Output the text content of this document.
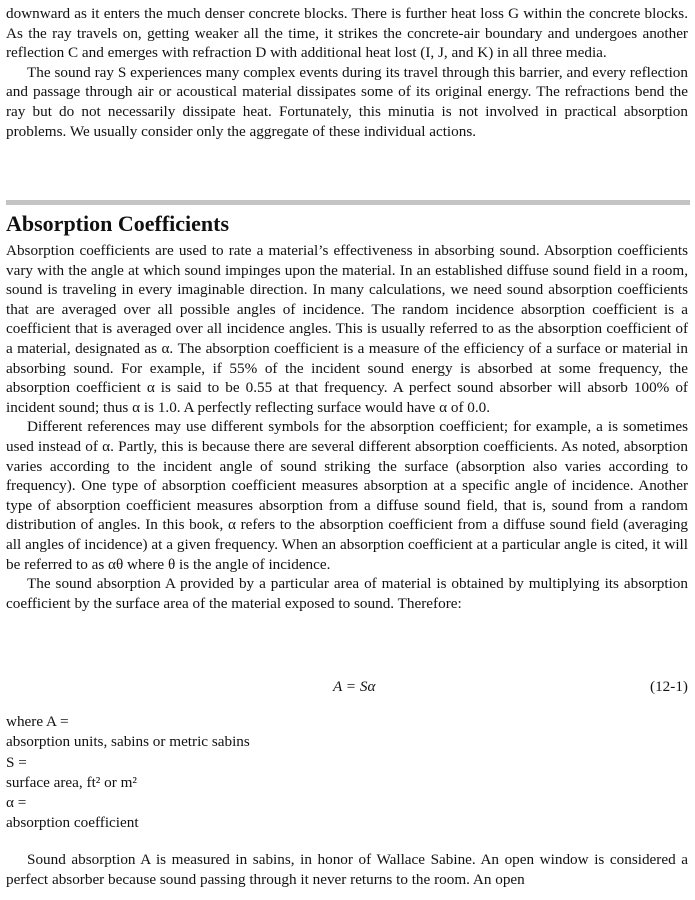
downward as it enters the much denser concrete blocks. There is further heat loss G within the concrete blocks. As the ray travels on, getting weaker all the time, it strikes the concrete-air boundary and undergoes another reflection C and emerges with refraction D with additional heat lost (I, J, and K) in all three media.

The sound ray S experiences many complex events during its travel through this barrier, and every reflection and passage through air or acoustical material dissipates some of its original energy. The refractions bend the ray but do not necessarily dissipate heat. Fortunately, this minutia is not involved in practical absorption problems. We usually consider only the aggregate of these individual actions.

Absorption Coefficients

Absorption coefficients are used to rate a material’s effectiveness in absorbing sound. Absorption coefficients vary with the angle at which sound impinges upon the material. In an established diffuse sound field in a room, sound is traveling in every imaginable direction. In many calculations, we need sound absorption coefficients that are averaged over all possible angles of incidence. The random incidence absorption coefficient is a coefficient that is averaged over all incidence angles. This is usually referred to as the absorption coefficient of a material, designated as α. The absorption coefficient is a measure of the efficiency of a surface or material in absorbing sound. For example, if 55% of the incident sound energy is absorbed at some frequency, the absorption coefficient α is said to be 0.55 at that frequency. A perfect sound absorber will absorb 100% of incident sound; thus α is 1.0. A perfectly reflecting surface would have α of 0.0.

Different references may use different symbols for the absorption coefficient; for example, a is sometimes used instead of α. Partly, this is because there are several different absorption coefficients. As noted, absorption varies according to the incident angle of sound striking the surface (absorption also varies according to frequency). One type of absorption coefficient measures absorption at a specific angle of incidence. Another type of absorption coefficient measures absorption from a diffuse sound field, that is, sound from a random distribution of angles. In this book, α refers to the absorption coefficient from a diffuse sound field (averaging all angles of incidence) at a given frequency. When an absorption coefficient at a particular angle is cited, it will be referred to as αθ where θ is the angle of incidence.

The sound absorption A provided by a particular area of material is obtained by multiplying its absorption coefficient by the surface area of the material exposed to sound. Therefore:

A = Sα	(12-1)
where A =
absorption units, sabins or metric sabins
S =
surface area, ft² or m²
α =
absorption coefficient

Sound absorption A is measured in sabins, in honor of Wallace Sabine. An open window is considered a perfect absorber because sound passing through it never returns to the room. An open
